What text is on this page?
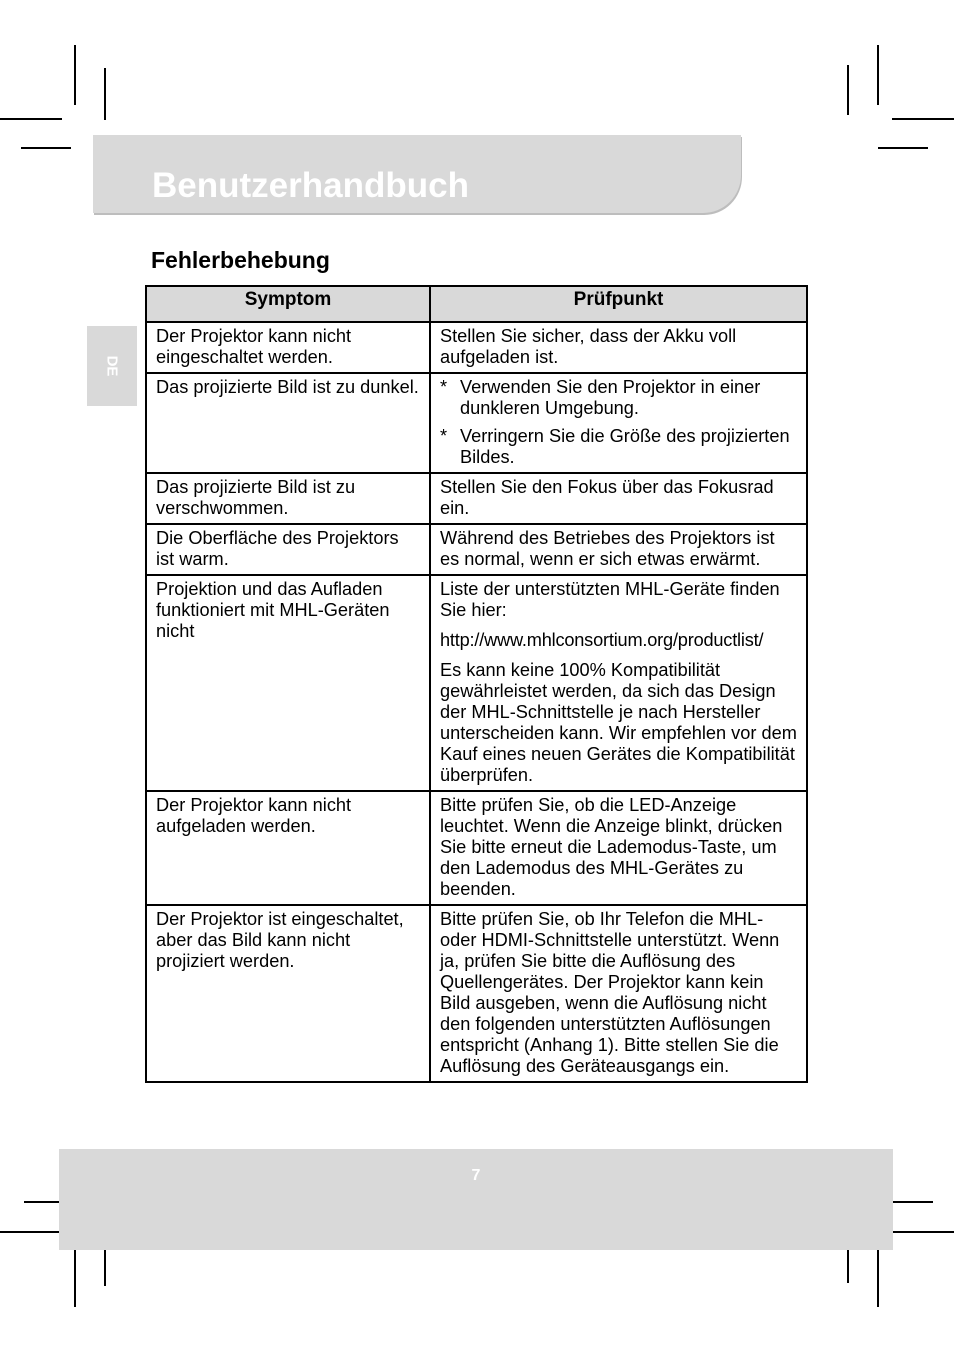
Benutzerhandbuch
DE
Fehlerbehebung
Symptom	Prüfpunkt

Der Projektor kann nicht eingeschaltet werden.	Stellen Sie sicher, dass der Akku voll aufgeladen ist.

Das projizierte Bild ist zu dunkel.	* Verwenden Sie den Projektor in einer dunkleren Umgebung.
* Verringern Sie die Größe des projizierten Bildes.

Das projizierte Bild ist zu verschwommen.	Stellen Sie den Fokus über das Fokusrad ein.

Die Oberfläche des Projektors ist warm.	Während des Betriebes des Projektors ist es normal, wenn er sich etwas erwärmt.

Projektion und das Aufladen funktioniert mit MHL-Geräten nicht	Liste der unterstützten MHL-Geräte finden Sie hier:

http://www.mhlconsortium.org/productlist/

Es kann keine 100% Kompatibilität gewährleistet werden, da sich das Design der MHL-Schnittstelle je nach Hersteller unterscheiden kann. Wir empfehlen vor dem Kauf eines neuen Gerätes die Kompatibilität überprüfen.

Der Projektor kann nicht aufgeladen werden.	Bitte prüfen Sie, ob die LED-Anzeige leuchtet. Wenn die Anzeige blinkt, drücken Sie bitte erneut die Lademodus-Taste, um den Lademodus des MHL-Gerätes zu beenden.

Der Projektor ist eingeschaltet, aber das Bild kann nicht projiziert werden.	Bitte prüfen Sie, ob Ihr Telefon die MHL- oder HDMI-Schnittstelle unterstützt. Wenn ja, prüfen Sie bitte die Auflösung des Quellengerätes. Der Projektor kann kein Bild ausgeben, wenn die Auflösung nicht den folgenden unterstützten Auflösungen entspricht (Anhang 1). Bitte stellen Sie die Auflösung des Geräteausgangs ein.

7
